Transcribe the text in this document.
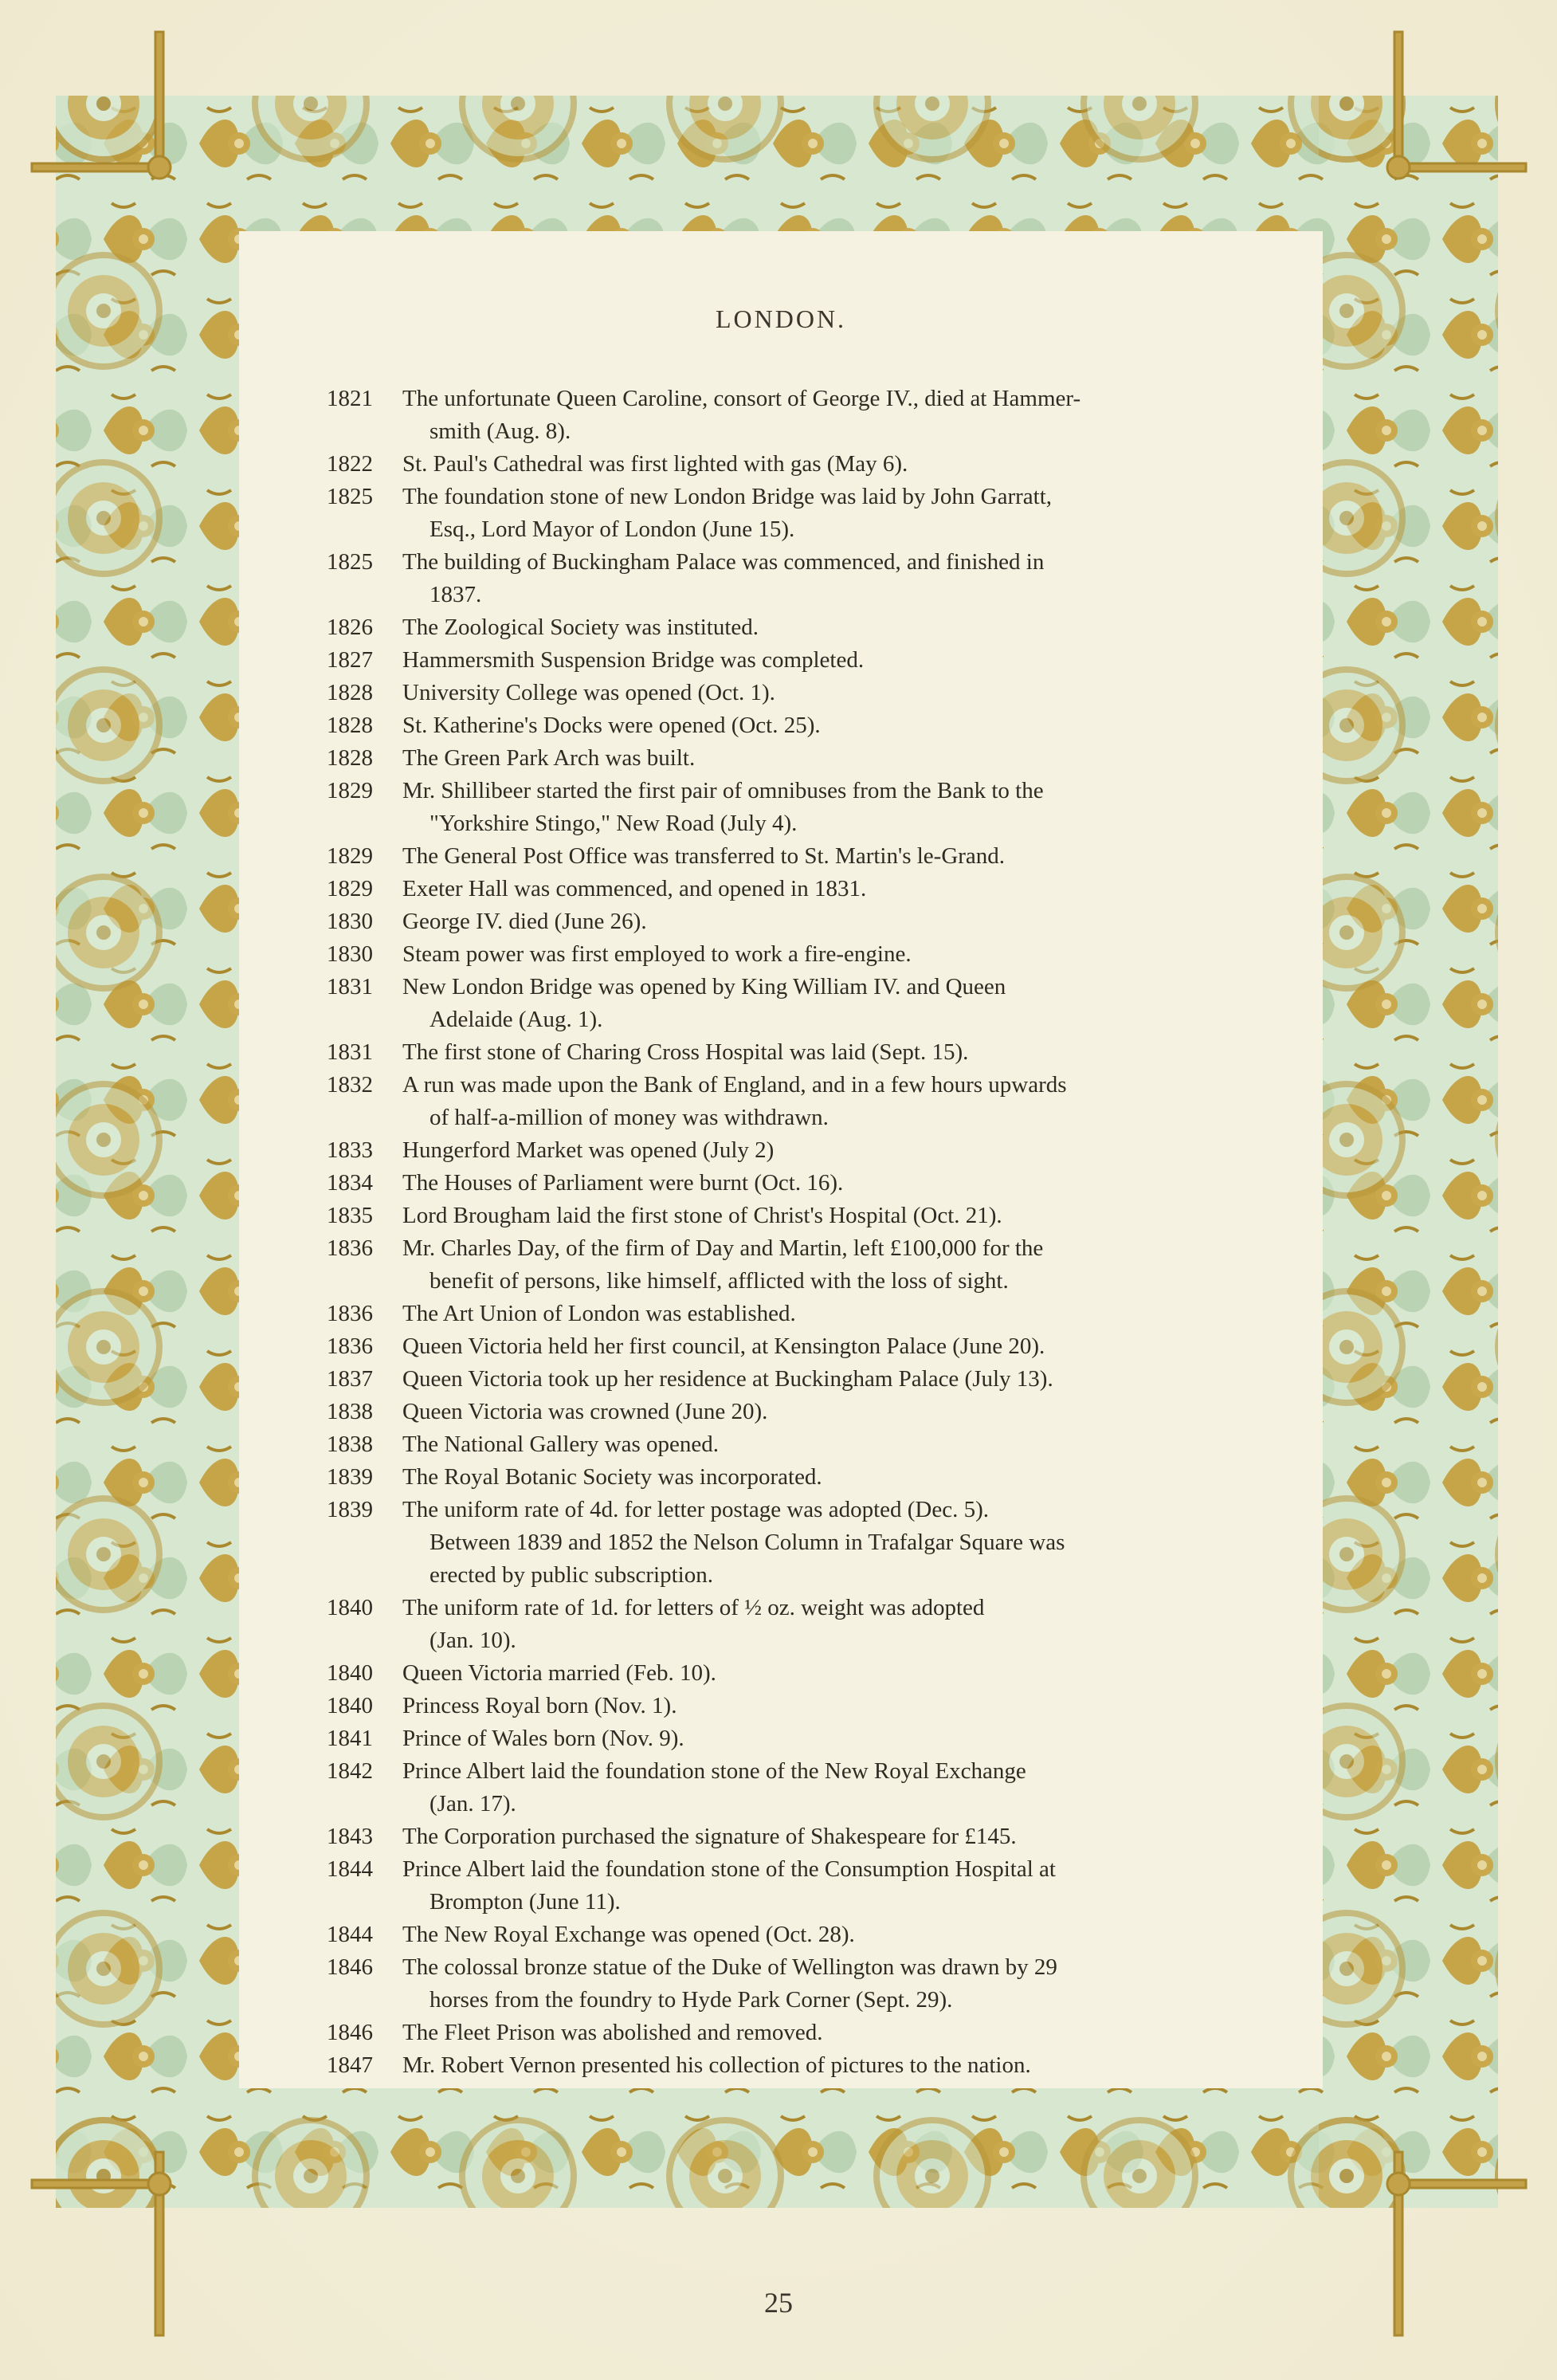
LONDON.
1821	The unfortunate Queen Caroline, consort of George IV., died at Hammer-
smith (Aug. 8).
1822	St. Paul's Cathedral was first lighted with gas (May 6).
1825	The foundation stone of new London Bridge was laid by John Garratt,
Esq., Lord Mayor of London (June 15).
1825	The building of Buckingham Palace was commenced, and finished in
1837.
1826	The Zoological Society was instituted.
1827	Hammersmith Suspension Bridge was completed.
1828	University College was opened (Oct. 1).
1828	St. Katherine's Docks were opened (Oct. 25).
1828	The Green Park Arch was built.
1829	Mr. Shillibeer started the first pair of omnibuses from the Bank to the
"Yorkshire Stingo," New Road (July 4).
1829	The General Post Office was transferred to St. Martin's le-Grand.
1829	Exeter Hall was commenced, and opened in 1831.
1830	George IV. died (June 26).
1830	Steam power was first employed to work a fire-engine.
1831	New London Bridge was opened by King William IV. and Queen
Adelaide (Aug. 1).
1831	The first stone of Charing Cross Hospital was laid (Sept. 15).
1832	A run was made upon the Bank of England, and in a few hours upwards
of half-a-million of money was withdrawn.
1833	Hungerford Market was opened (July 2)
1834	The Houses of Parliament were burnt (Oct. 16).
1835	Lord Brougham laid the first stone of Christ's Hospital (Oct. 21).
1836	Mr. Charles Day, of the firm of Day and Martin, left £100,000 for the
benefit of persons, like himself, afflicted with the loss of sight.
1836	The Art Union of London was established.
1836	Queen Victoria held her first council, at Kensington Palace (June 20).
1837	Queen Victoria took up her residence at Buckingham Palace (July 13).
1838	Queen Victoria was crowned (June 20).
1838	The National Gallery was opened.
1839	The Royal Botanic Society was incorporated.
1839	The uniform rate of 4d. for letter postage was adopted (Dec. 5).
Between 1839 and 1852 the Nelson Column in Trafalgar Square was
erected by public subscription.
1840	The uniform rate of 1d. for letters of ½ oz. weight was adopted
(Jan. 10).
1840	Queen Victoria married (Feb. 10).
1840	Princess Royal born (Nov. 1).
1841	Prince of Wales born (Nov. 9).
1842	Prince Albert laid the foundation stone of the New Royal Exchange
(Jan. 17).
1843	The Corporation purchased the signature of Shakespeare for £145.
1844	Prince Albert laid the foundation stone of the Consumption Hospital at
Brompton (June 11).
1844	The New Royal Exchange was opened (Oct. 28).
1846	The colossal bronze statue of the Duke of Wellington was drawn by 29
horses from the foundry to Hyde Park Corner (Sept. 29).
1846	The Fleet Prison was abolished and removed.
1847	Mr. Robert Vernon presented his collection of pictures to the nation.
25
